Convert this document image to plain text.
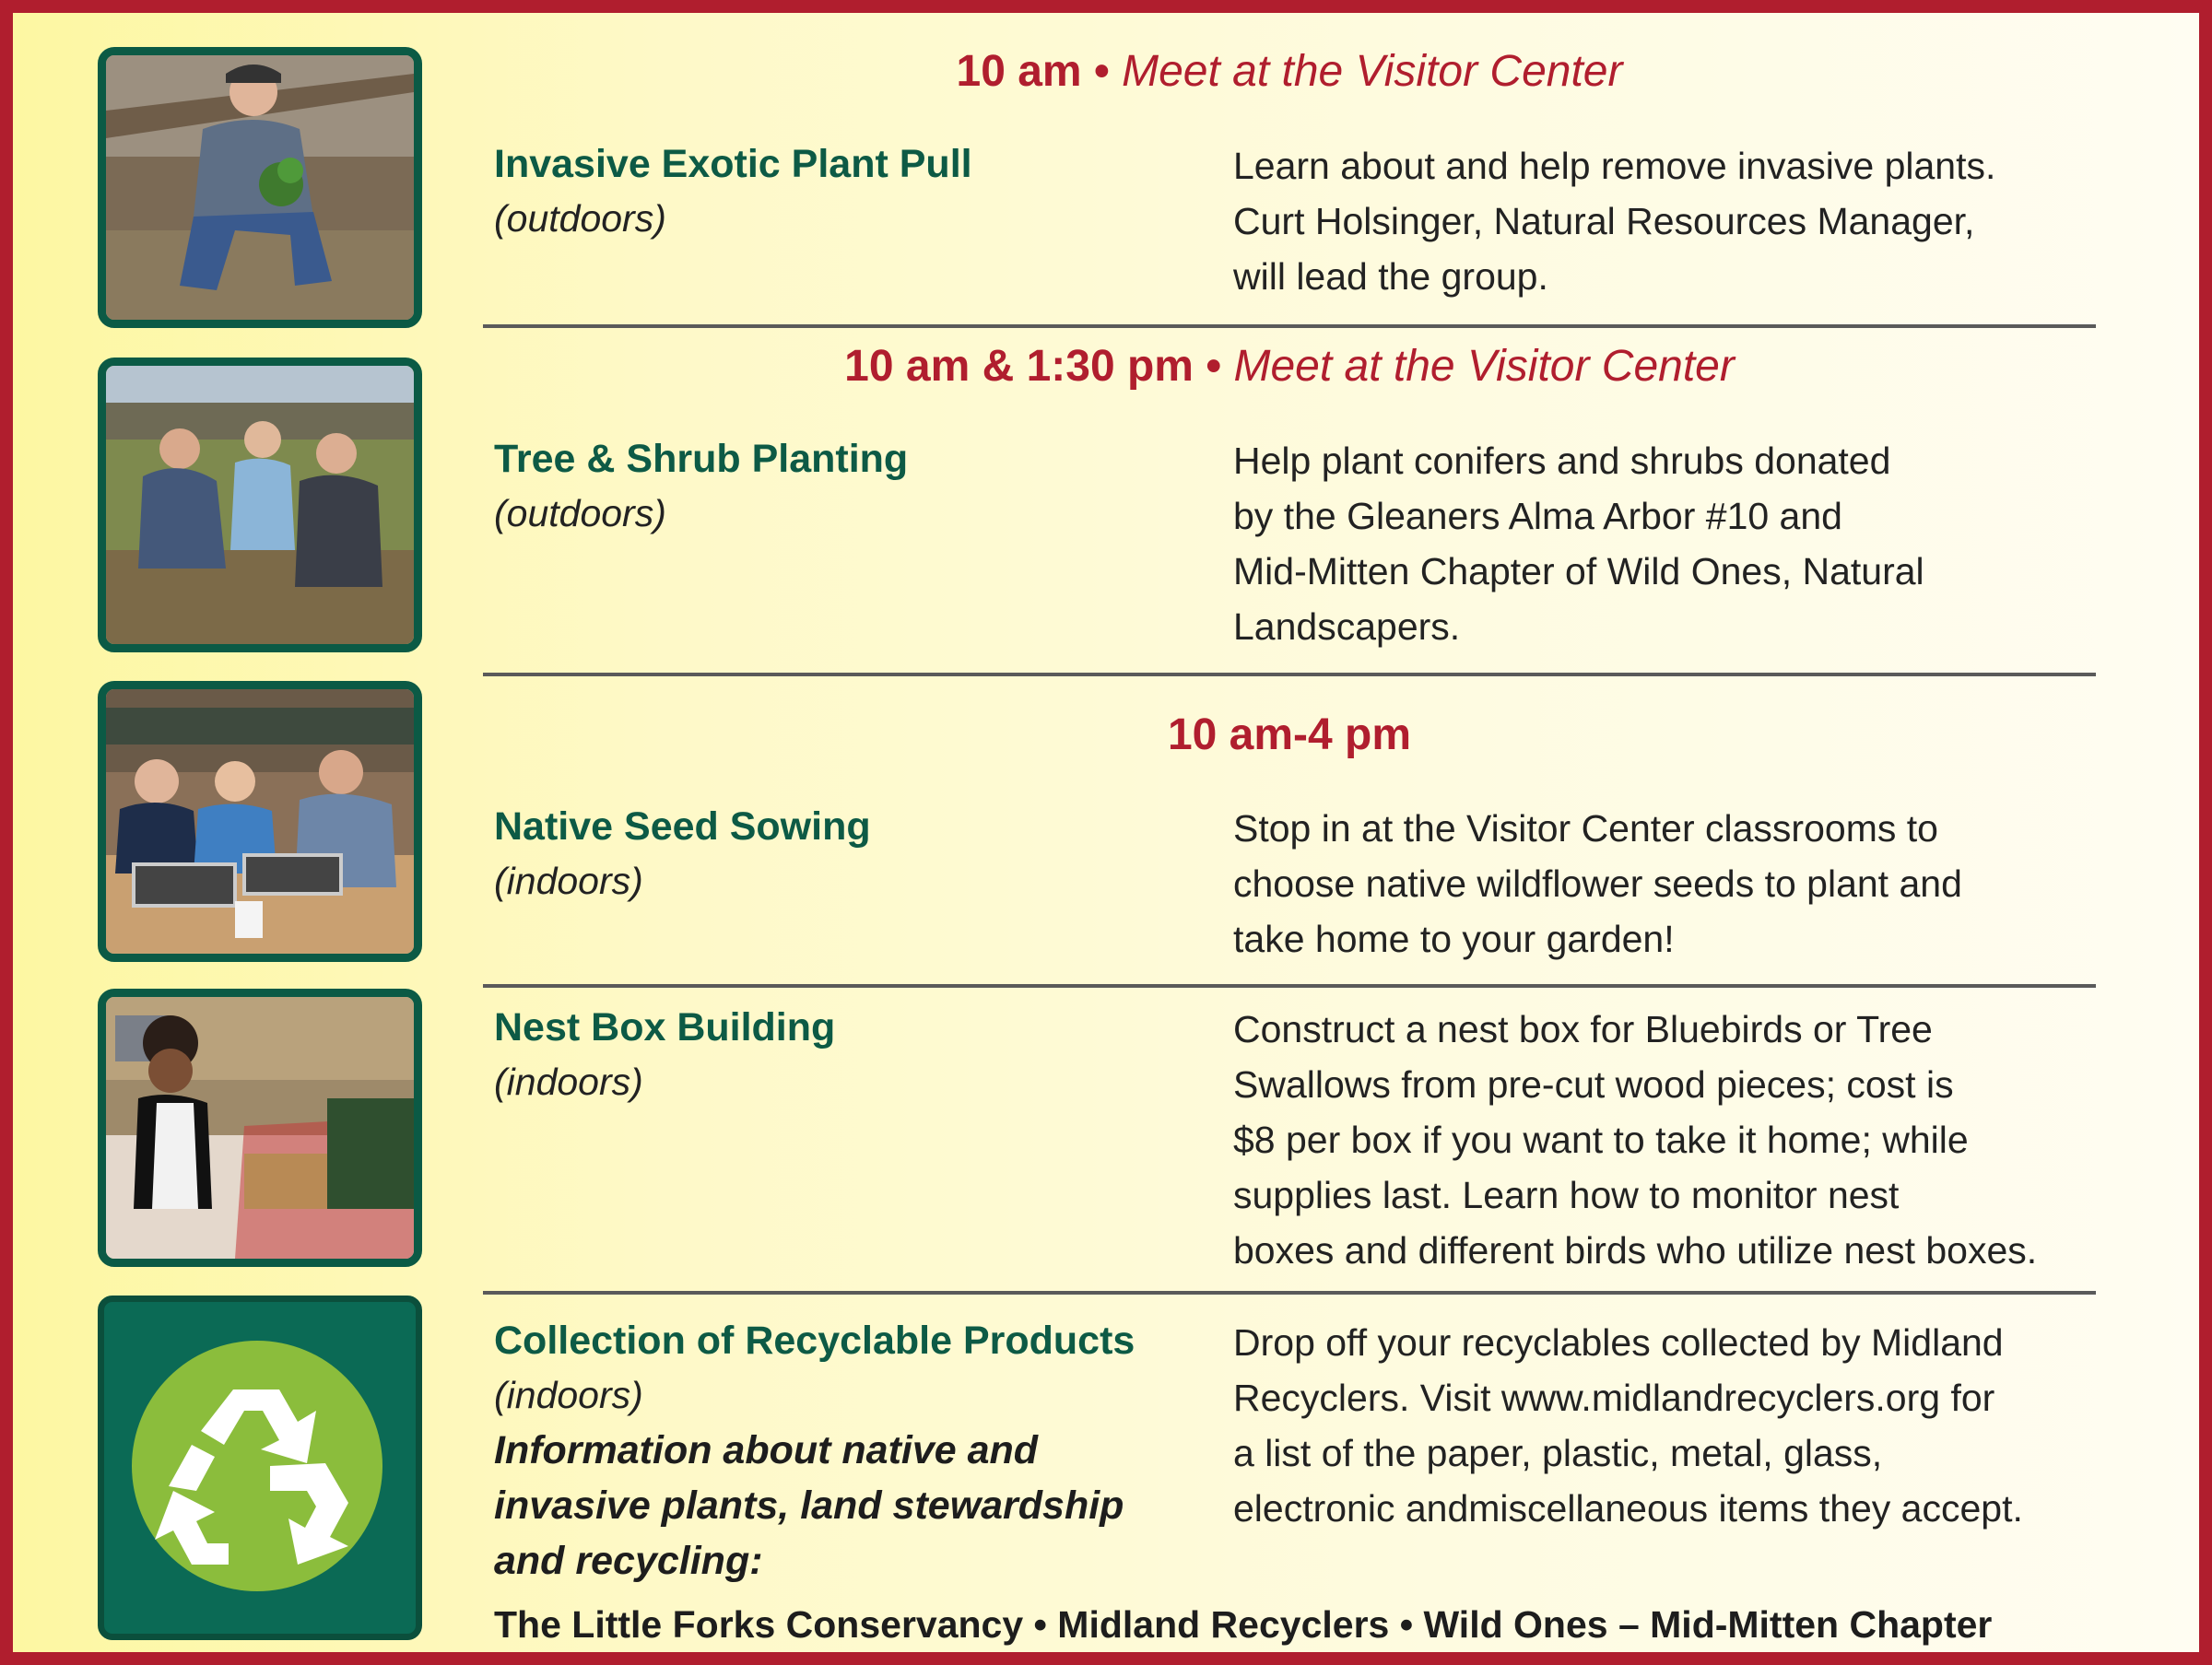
10 am • Meet at the Visitor Center
Invasive Exotic Plant Pull
(outdoors)
Learn about and help remove invasive plants.
Curt Holsinger, Natural Resources Manager,
will lead the group.
10 am & 1:30 pm • Meet at the Visitor Center
Tree & Shrub Planting
(outdoors)
Help plant conifers and shrubs donated
by the Gleaners Alma Arbor #10 and
Mid-Mitten Chapter of Wild Ones, Natural
Landscapers.
10 am-4 pm
Native Seed Sowing
(indoors)
Stop in at the Visitor Center classrooms to
choose native wildflower seeds to plant and
take home to your garden!
Nest Box Building
(indoors)
Construct a nest box for Bluebirds or Tree
Swallows from pre-cut wood pieces; cost is
$8 per box if you want to take it home; while
supplies last. Learn how to monitor nest
boxes and different birds who utilize nest boxes.
Collection of Recyclable Products
(indoors)
Drop off your recyclables collected by Midland
Recyclers. Visit www.midlandrecyclers.org for
a list of the paper, plastic, metal, glass,
electronic andmiscellaneous items they accept.
Information about native and
invasive plants, land stewardship
and recycling:
The Little Forks Conservancy • Midland Recyclers • Wild Ones – Mid-Mitten Chapter
